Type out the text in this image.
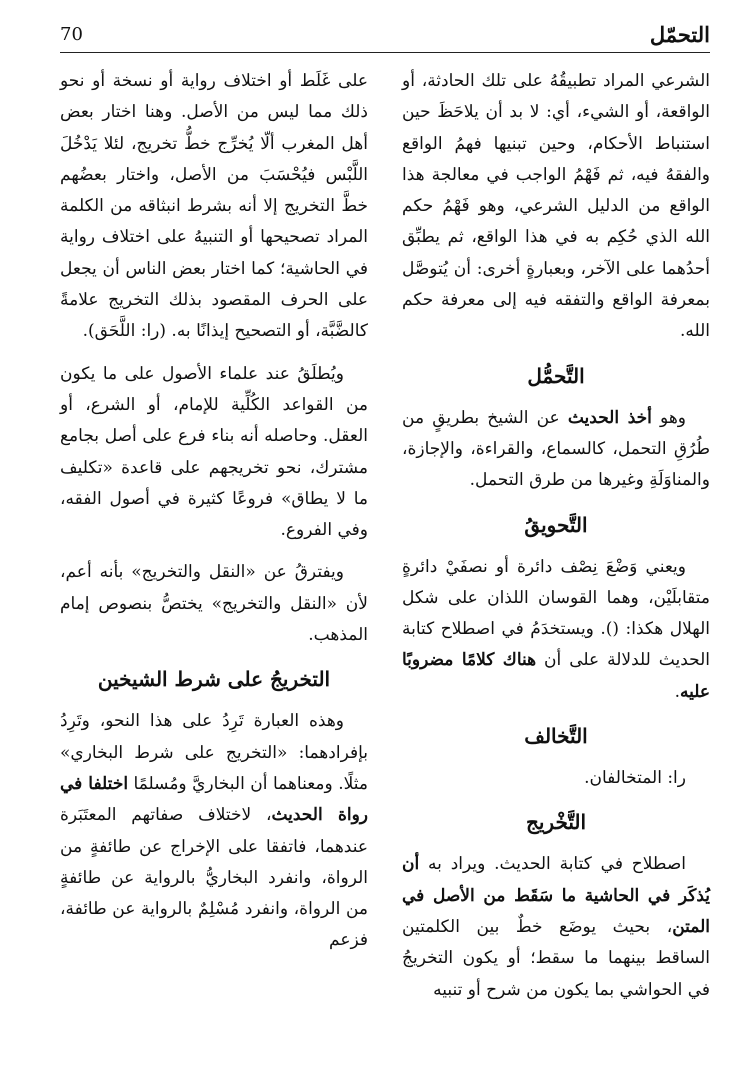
التحمّل
70

الشرعي المراد تطبيقُهُ على تلك الحادثة، أو الواقعة، أو الشيء، أي: لا بد أن يلاحَظَ حين استنباط الأحكام، وحين تبنيها فهمُ الواقع والفقهُ فيه، ثم فَهْمُ الواجب في معالجة هذا الواقع من الدليل الشرعي، وهو فَهْمُ حكم الله الذي حُكِم به في هذا الواقع، ثم يطبِّق أحدُهما على الآخر، وبعبارةٍ أخرى: أن يُتوصَّل بمعرفة الواقع والتفقه فيه إلى معرفة حكم الله.

التَّحمُّل

وهو أخذ الحديث عن الشيخ بطريقٍ من طُرُقِ التحمل، كالسماع، والقراءة، والإجازة، والمناوَلَةِ وغيرها من طرق التحمل.

التَّحويقُ

ويعني وَضْعَ نِصْف دائرة أو نصفَيْ دائرةٍ متقابلَيْن، وهما القوسان اللذان على شكل الهلال هكذا: (). ويستخدَمُ في اصطلاح كتابة الحديث للدلالة على أن هناك كلامًا مضروبًا عليه.

التَّخالف

را: المتخالفان.

التَّخْريج

اصطلاح في كتابة الحديث. ويراد به أن يُذكَر في الحاشية ما سَقَط من الأصل في المتن، بحيث يوضَع خطٌ بين الكلمتين الساقط بينهما ما سقط؛ أو يكون التخريجُ في الحواشي بما يكون من شرح أو تنبيه

على غَلَط أو اختلاف رواية أو نسخة أو نحو ذلك مما ليس من الأصل. وهنا اختار بعض أهل المغرب ألّا يُخرِّج خطُّ تخريج، لئلا يَدْخُلَ اللَّبْس فيُحْسَبَ من الأصل، واختار بعضُهم خطَّ التخريج إلا أنه بشرط انبثاقه من الكلمة المراد تصحيحها أو التنبيهُ على اختلاف رواية في الحاشية؛ كما اختار بعض الناس أن يجعل على الحرف المقصود بذلك التخريج علامةً كالضَّبَّة، أو التصحيح إيذانًا به. (را: اللَّحَق).

ويُطلَقُ عند علماء الأصول على ما يكون من القواعد الكُلِّية للإمام، أو الشرع، أو العقل. وحاصله أنه بناء فرع على أصل بجامع مشترك، نحو تخريجهم على قاعدة «تكليف ما لا يطاق» فروعًا كثيرة في أصول الفقه، وفي الفروع.

ويفترقُ عن «النقل والتخريج» بأنه أعم، لأن «النقل والتخريج» يختصُّ بنصوص إمام المذهب.

التخريجُ على شرط الشيخين

وهذه العبارة تَرِدُ على هذا النحو، وتَرِدُ بإفرادهما: «التخريج على شرط البخاري» مثلًا. ومعناهما أن البخاريَّ ومُسلمًا اختلفا في رواة الحديث، لاختلاف صفاتهم المعتَبَرة عندهما، فاتفقا على الإخراج عن طائفةٍ من الرواة، وانفرد البخاريُّ بالرواية عن طائفةٍ من الرواة، وانفرد مُسْلِمٌ بالرواية عن طائفة، فزعم
